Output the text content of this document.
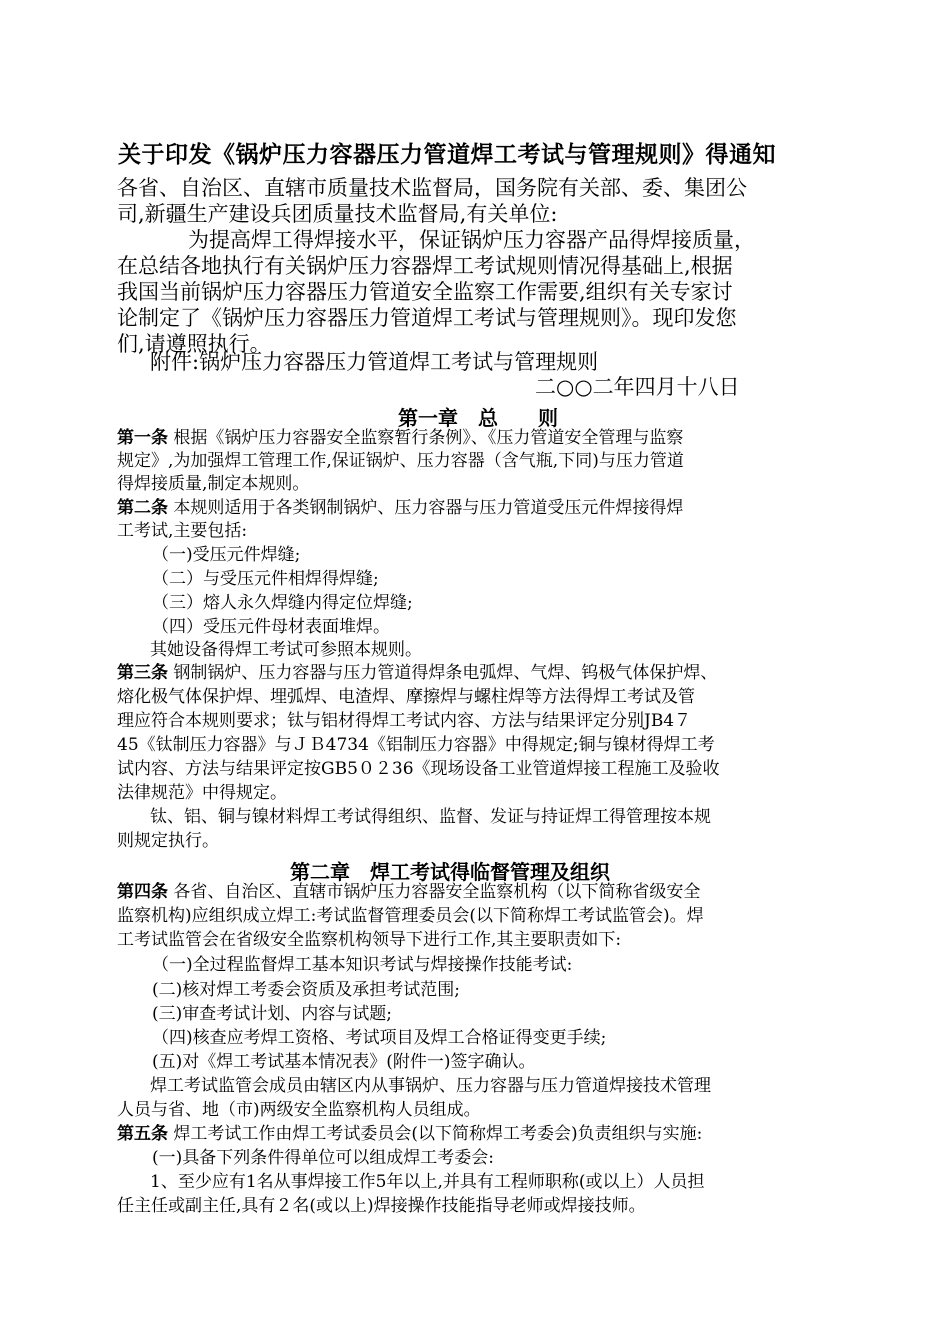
关于印发《锅炉压力容器压力管道焊工考试与管理规则》得通知
各省、自治区、直辖市质量技术监督局，国务院有关部、委、集团公
司,新疆生产建设兵团质量技术监督局,有关单位:
为提高焊工得焊接水平，保证锅炉压力容器产品得焊接质量，
在总结各地执行有关锅炉压力容器焊工考试规则情况得基础上,根据
我国当前锅炉压力容器压力管道安全监察工作需要,组织有关专家讨
论制定了《锅炉压力容器压力管道焊工考试与管理规则》。现印发您
们,请遵照执行。
附件:锅炉压力容器压力管道焊工考试与管理规则
二○○二年四月十八日
第一章　总　　则
第一条 根据《锅炉压力容器安全监察暂行条例》、《压力管道安全管理与监察
规定》,为加强焊工管理工作,保证锅炉、压力容器（含气瓶,下同)与压力管道
得焊接质量,制定本规则。
第二条 本规则适用于各类钢制锅炉、压力容器与压力管道受压元件焊接得焊
工考试,主要包括:
（一)受压元件焊缝;
（二）与受压元件相焊得焊缝;
（三）熔人永久焊缝内得定位焊缝;
（四）受压元件母材表面堆焊。
其她设备得焊工考试可参照本规则。
第三条 钢制锅炉、压力容器与压力管道得焊条电弧焊、气焊、钨极气体保护焊、
熔化极气体保护焊、埋弧焊、电渣焊、摩擦焊与螺柱焊等方法得焊工考试及管
理应符合本规则要求；钛与铝材得焊工考试内容、方法与结果评定分别JB4７
45《钛制压力容器》与ＪＢ4734《铝制压力容器》中得规定;铜与镍材得焊工考
试内容、方法与结果评定按GB5０２36《现场设备工业管道焊接工程施工及验收
法律规范》中得规定。
钛、铝、铜与镍材料焊工考试得组织、监督、发证与持证焊工得管理按本规
则规定执行。
第二章　焊工考试得临督管理及组织
第四条 各省、自治区、直辖市锅炉压力容器安全监察机构（以下简称省级安全
监察机构)应组织成立焊工:考试监督管理委员会(以下简称焊工考试监管会)。焊
工考试监管会在省级安全监察机构领导下进行工作,其主要职责如下:
（一)全过程监督焊工基本知识考试与焊接操作技能考试:
(二)核对焊工考委会资质及承担考试范围;
(三)审查考试计划、内容与试题;
（四)核查应考焊工资格、考试项目及焊工合格证得变更手续;
(五)对《焊工考试基本情况表》(附件一)签字确认。
焊工考试监管会成员由辖区内从事锅炉、压力容器与压力管道焊接技术管理
人员与省、地（市)两级安全监察机构人员组成。
第五条 焊工考试工作由焊工考试委员会(以下简称焊工考委会)负责组织与实施:
(一)具备下列条件得单位可以组成焊工考委会:
1、至少应有1名从事焊接工作5年以上,并具有工程师职称(或以上）人员担
任主任或副主任,具有２名(或以上)焊接操作技能指导老师或焊接技师。
